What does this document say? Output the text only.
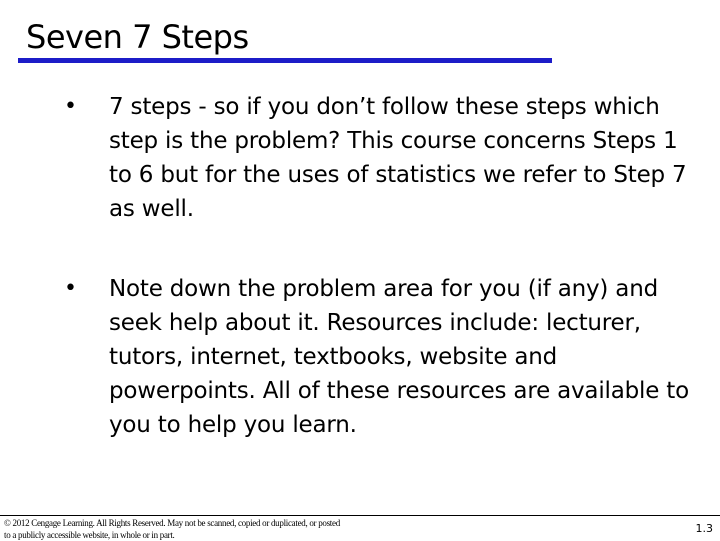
Seven 7 Steps
• 7 steps - so if you don’t follow these steps which step is the problem? This course concerns Steps 1 to 6 but for the uses of statistics we refer to Step 7 as well.

• Note down the problem area for you (if any) and seek help about it. Resources include: lecturer, tutors, internet, textbooks, website and powerpoints. All of these resources are available to you to help you learn.

© 2012 Cengage Learning. All Rights Reserved. May not be scanned, copied or duplicated, or posted to a publicly accessible website, in whole or in part.	1.3
